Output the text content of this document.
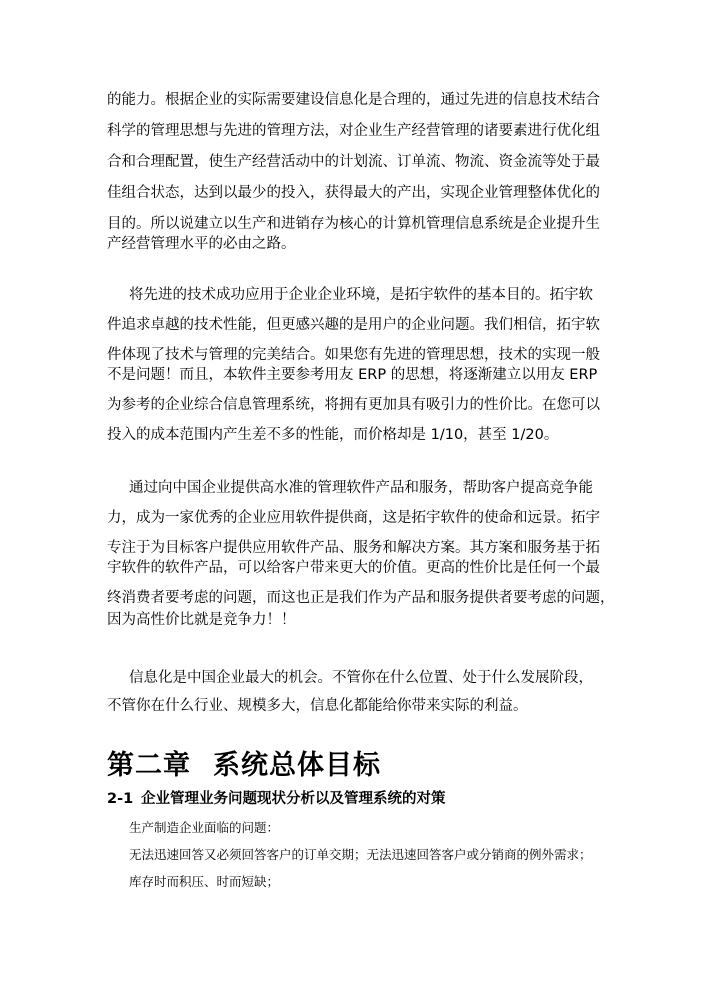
的能力。根据企业的实际需要建设信息化是合理的，通过先进的信息技术结合
科学的管理思想与先进的管理方法，对企业生产经营管理的诸要素进行优化组
合和合理配置，使生产经营活动中的计划流、订单流、物流、资金流等处于最
佳组合状态，达到以最少的投入，获得最大的产出，实现企业管理整体优化的
目的。所以说建立以生产和进销存为核心的计算机管理信息系统是企业提升生
产经营管理水平的必由之路。
将先进的技术成功应用于企业企业环境，是拓宇软件的基本目的。拓宇软
件追求卓越的技术性能，但更感兴趣的是用户的企业问题。我们相信，拓宇软
件体现了技术与管理的完美结合。如果您有先进的管理思想，技术的实现一般
不是问题！而且，本软件主要参考用友 ERP 的思想，将逐渐建立以用友 ERP
为参考的企业综合信息管理系统，将拥有更加具有吸引力的性价比。在您可以
投入的成本范围内产生差不多的性能，而价格却是 1/10，甚至 1/20。
通过向中国企业提供高水准的管理软件产品和服务，帮助客户提高竞争能
力，成为一家优秀的企业应用软件提供商，这是拓宇软件的使命和远景。拓宇
专注于为目标客户提供应用软件产品、服务和解决方案。其方案和服务基于拓
宇软件的软件产品，可以给客户带来更大的价值。更高的性价比是任何一个最
终消费者要考虑的问题，而这也正是我们作为产品和服务提供者要考虑的问题，
因为高性价比就是竞争力！！
信息化是中国企业最大的机会。不管你在什么位置、处于什么发展阶段，
不管你在什么行业、规模多大，信息化都能给你带来实际的利益。
第二章 系统总体目标
2-1 企业管理业务问题现状分析以及管理系统的对策
生产制造企业面临的问题：
无法迅速回答又必须回答客户的订单交期；无法迅速回答客户或分销商的例外需求；
库存时而积压、时而短缺；
